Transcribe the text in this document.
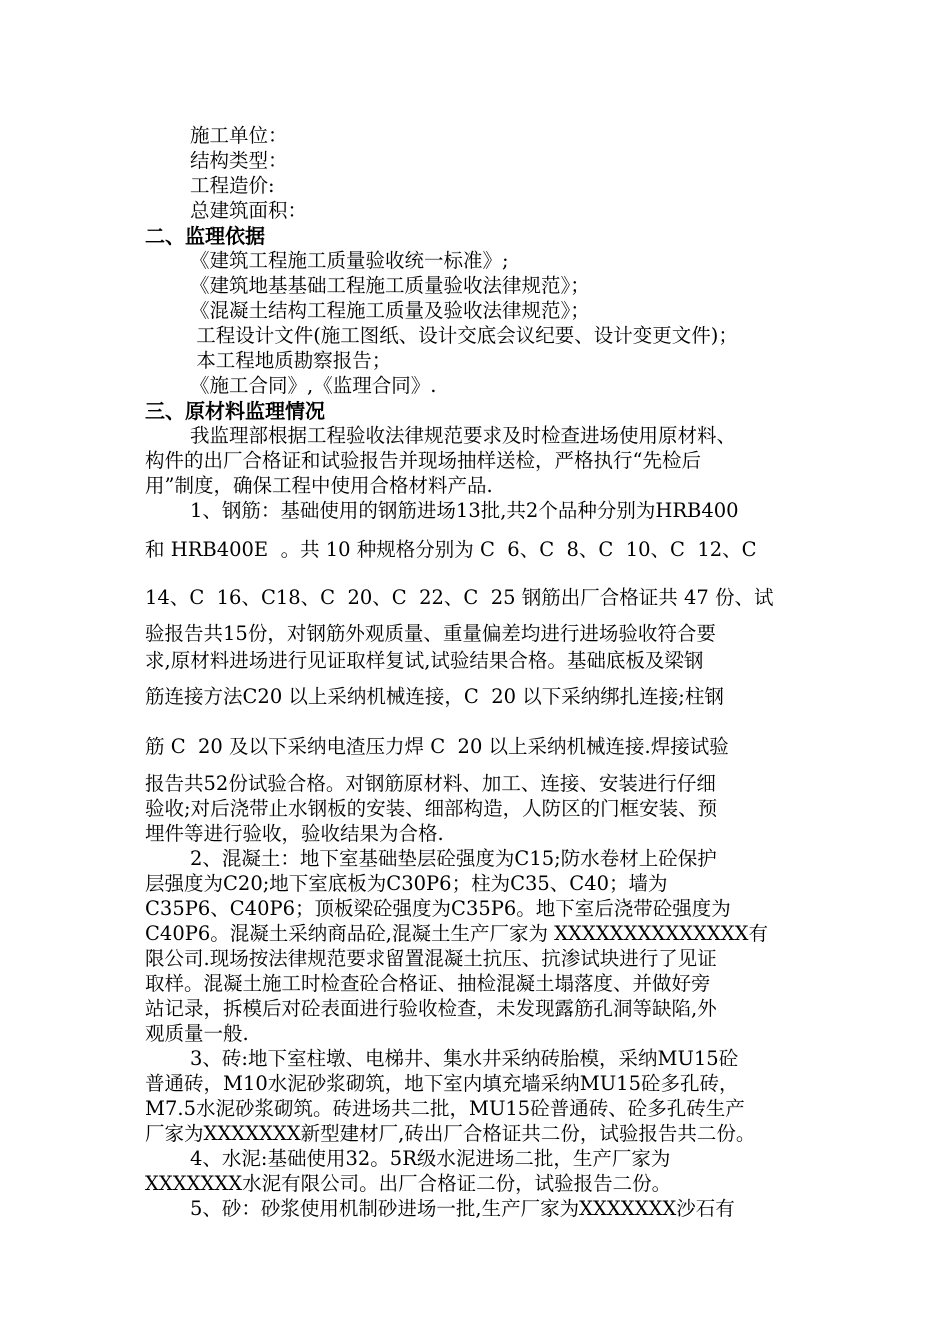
施工单位：
结构类型：
工程造价:
总建筑面积：
二、监理依据
《建筑工程施工质量验收统一标准》;
《建筑地基基础工程施工质量验收法律规范》；
《混凝土结构工程施工质量及验收法律规范》；
工程设计文件(施工图纸、设计交底会议纪要、设计变更文件)；
本工程地质勘察报告；
《施工合同》,《监理合同》.
三、原材料监理情况
我监理部根据工程验收法律规范要求及时检查进场使用原材料、
构件的出厂合格证和试验报告并现场抽样送检，严格执行“先检后
用”制度，确保工程中使用合格材料产品.
1、钢筋：基础使用的钢筋进场13批,共2个品种分别为HRB400
和 HRB400E  。共 10 种规格分别为 C  6、C  8、C  10、C  12、C
14、C  16、C18、C  20、C  22、C  25 钢筋出厂合格证共 47 份、试
验报告共15份，对钢筋外观质量、重量偏差均进行进场验收符合要
求,原材料进场进行见证取样复试,试验结果合格。基础底板及梁钢
筋连接方法C20 以上采纳机械连接，C  20 以下采纳绑扎连接;柱钢
筋 C  20 及以下采纳电渣压力焊 C  20 以上采纳机械连接.焊接试验
报告共52份试验合格。对钢筋原材料、加工、连接、安装进行仔细
验收;对后浇带止水钢板的安装、细部构造，人防区的门框安装、预
埋件等进行验收，验收结果为合格.
2、混凝土：地下室基础垫层砼强度为C15;防水卷材上砼保护
层强度为C20;地下室底板为C30P6；柱为C35、C40；墙为
C35P6、C40P6；顶板梁砼强度为C35P6。地下室后浇带砼强度为
C40P6。混凝土采纳商品砼,混凝土生产厂家为 XXXXXXXXXXXXXX有
限公司.现场按法律规范要求留置混凝土抗压、抗渗试块进行了见证
取样。混凝土施工时检查砼合格证、抽检混凝土塌落度、并做好旁
站记录，拆模后对砼表面进行验收检查，未发现露筋孔洞等缺陷,外
观质量一般.
3、砖:地下室柱墩、电梯井、集水井采纳砖胎模，采纳MU15砼
普通砖，M10水泥砂浆砌筑，地下室内填充墙采纳MU15砼多孔砖，
M7.5水泥砂浆砌筑。砖进场共二批，MU15砼普通砖、砼多孔砖生产
厂家为XXXXXXX新型建材厂,砖出厂合格证共二份，试验报告共二份。
4、水泥:基础使用32。5R级水泥进场二批，生产厂家为
XXXXXXX水泥有限公司。出厂合格证二份，试验报告二份。
5、砂：砂浆使用机制砂进场一批,生产厂家为XXXXXXX沙石有
